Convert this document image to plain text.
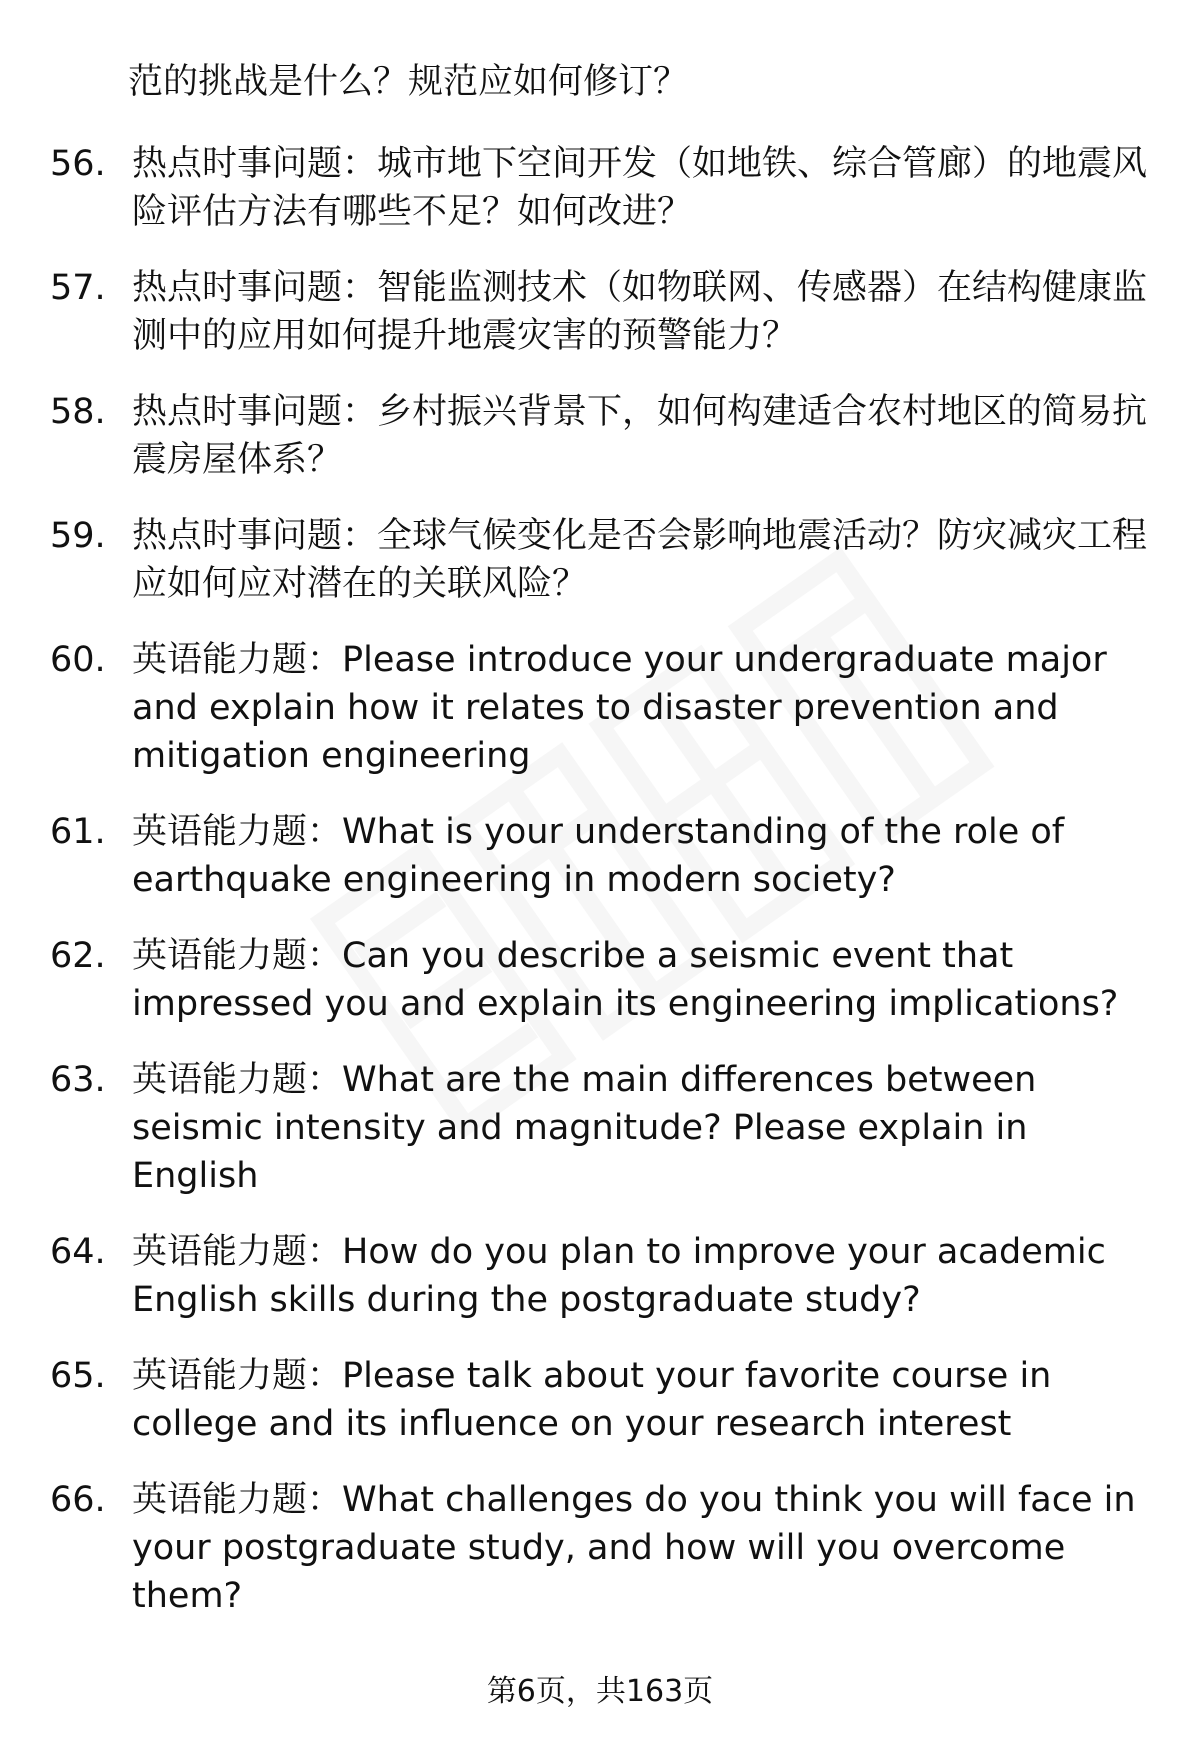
范的挑战是什么？规范应如何修订？
56. 热点时事问题：城市地下空间开发（如地铁、综合管廊）的地震风险评估方法有哪些不足？如何改进？
57. 热点时事问题：智能监测技术（如物联网、传感器）在结构健康监测中的应用如何提升地震灾害的预警能力？
58. 热点时事问题：乡村振兴背景下，如何构建适合农村地区的简易抗震房屋体系？
59. 热点时事问题：全球气候变化是否会影响地震活动？防灾减灾工程应如何应对潜在的关联风险？
60. 英语能力题：Please introduce your undergraduate major and explain how it relates to disaster prevention and mitigation engineering
61. 英语能力题：What is your understanding of the role of earthquake engineering in modern society?
62. 英语能力题：Can you describe a seismic event that impressed you and explain its engineering implications?
63. 英语能力题：What are the main differences between seismic intensity and magnitude? Please explain in English
64. 英语能力题：How do you plan to improve your academic English skills during the postgraduate study?
65. 英语能力题：Please talk about your favorite course in college and its influence on your research interest
66. 英语能力题：What challenges do you think you will face in your postgraduate study, and how will you overcome them?
第6页，共163页
